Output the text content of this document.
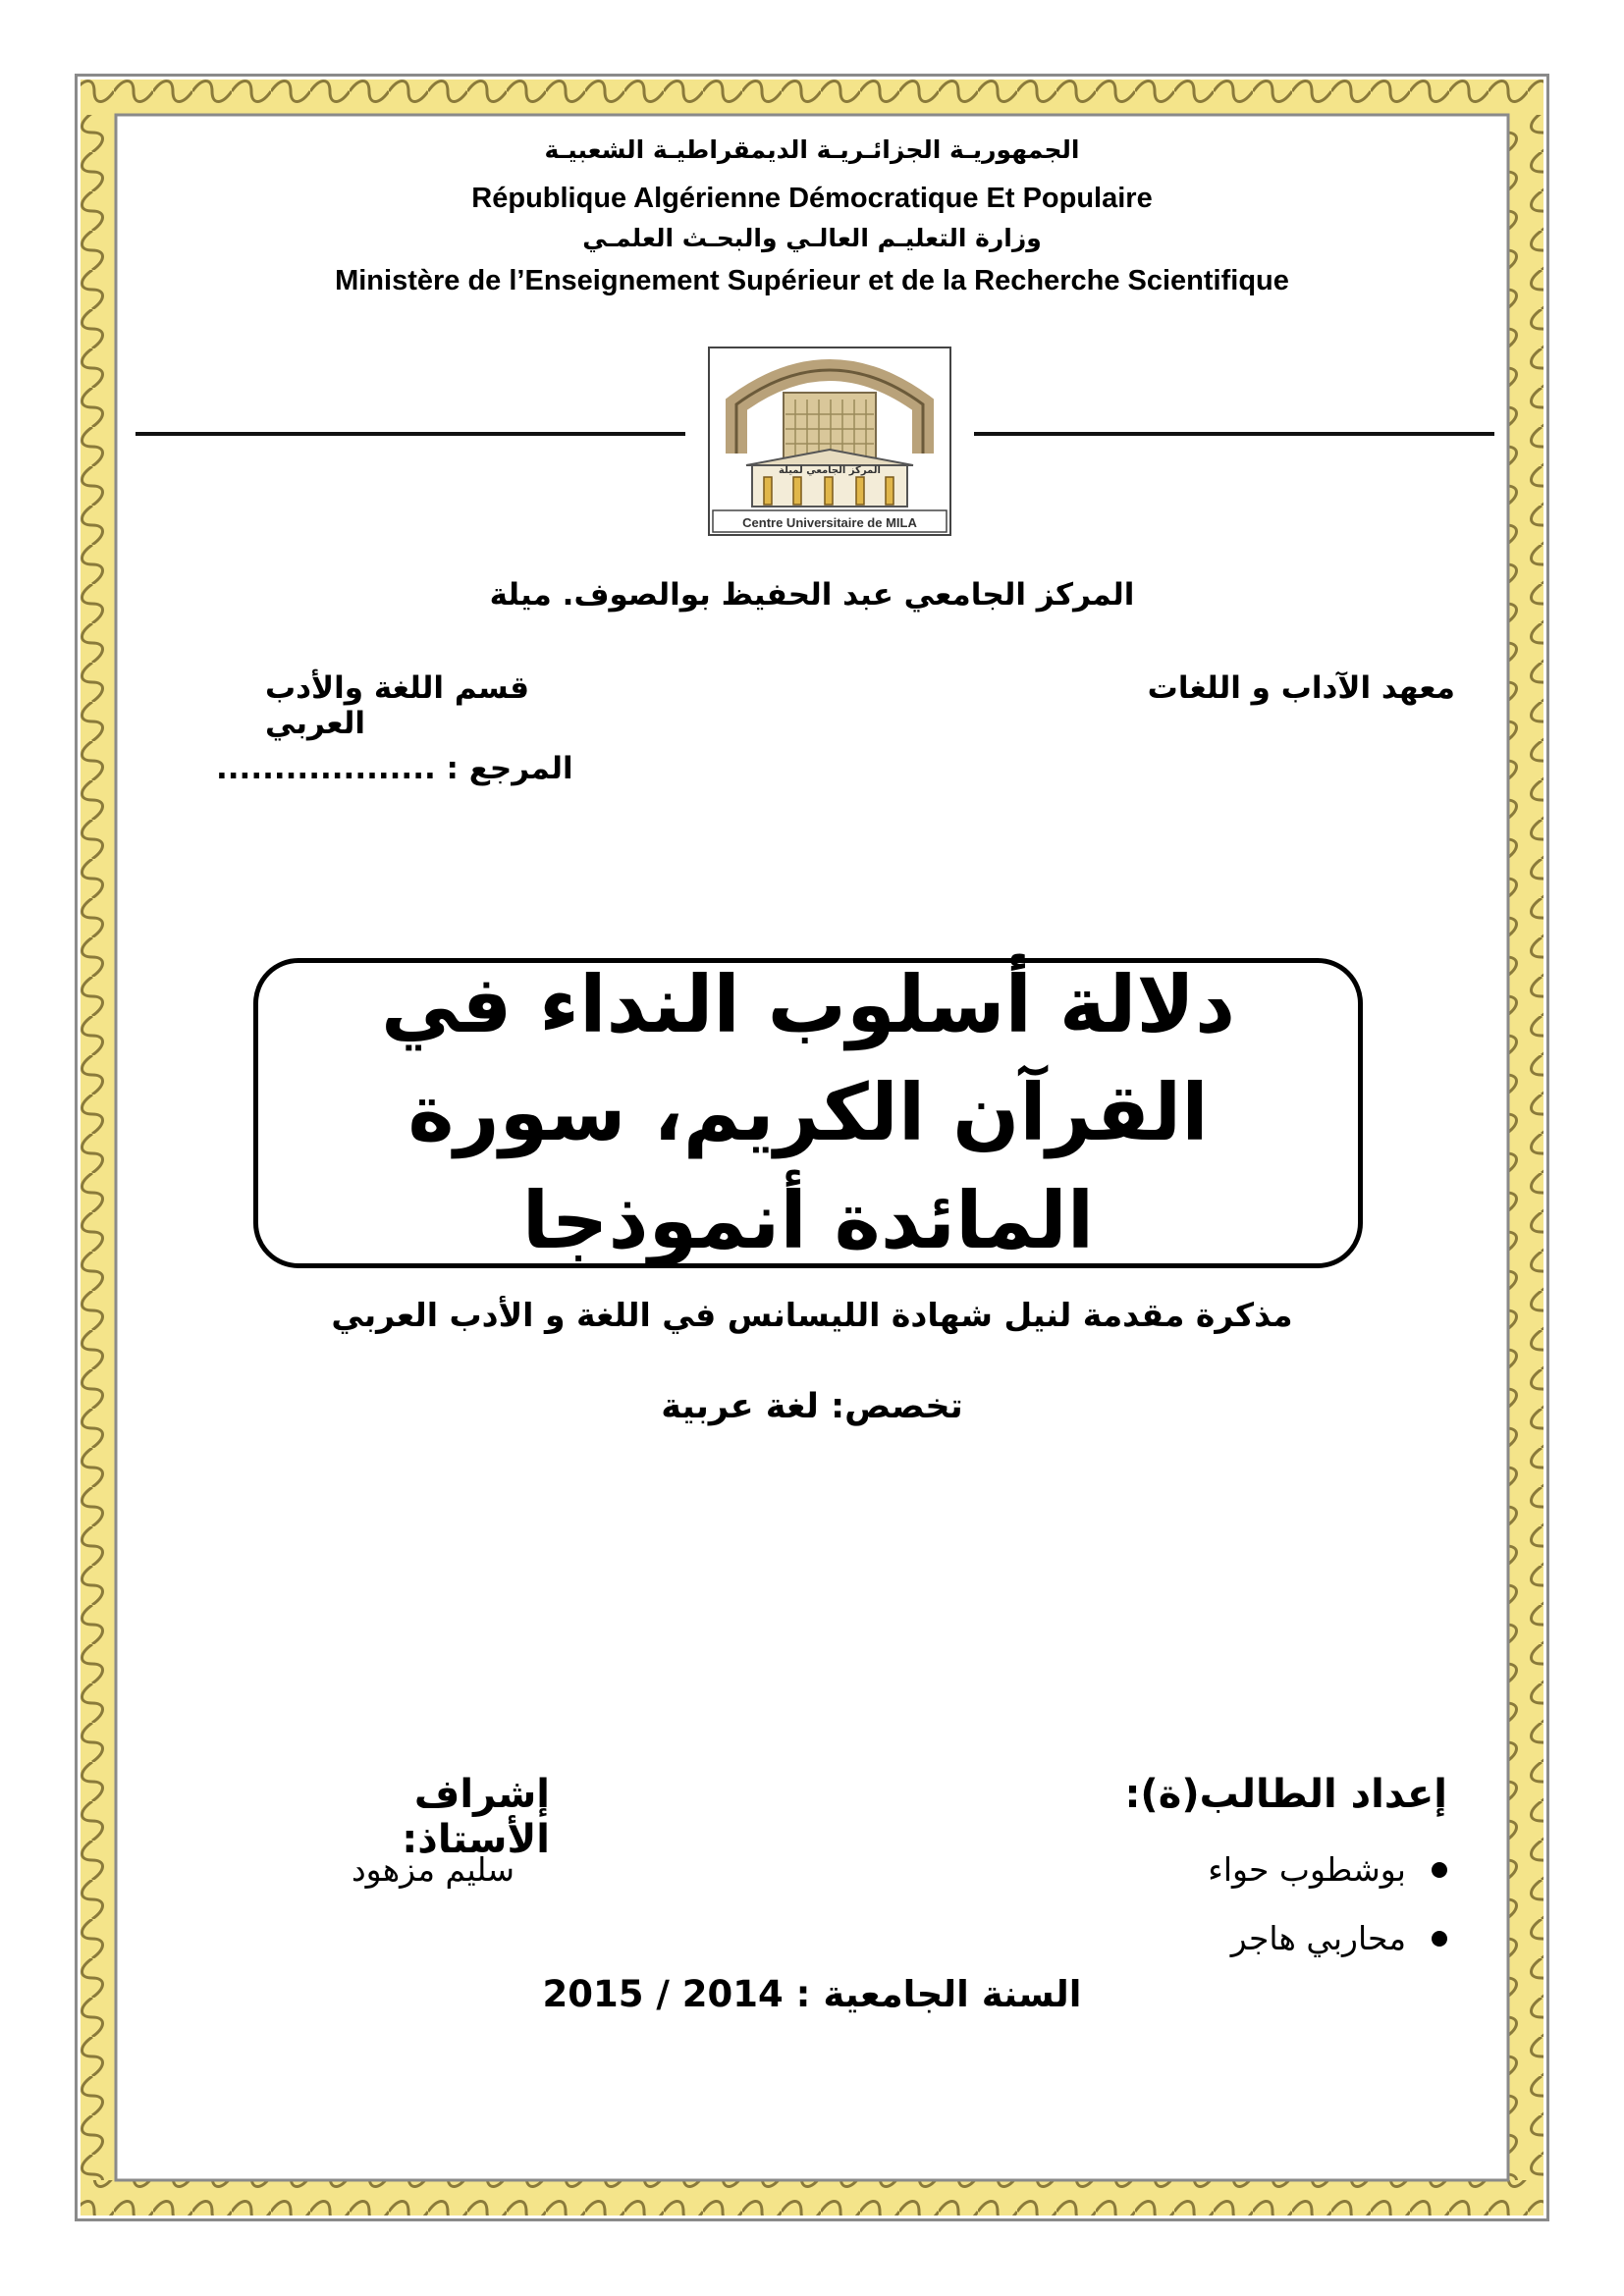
الجمهوريـة الجزائـريـة الديمقراطيـة الشعبيـة
République Algérienne Démocratique Et Populaire
وزارة التعليـم العالـي والبحـث العلمـي
Ministère de l’Enseignement Supérieur et de la Recherche Scientifique
المركز الجامعي لميلة
Centre Universitaire de MILA
المركز الجامعي عبد الحفيظ بوالصوف. ميلة
معهد الآداب و اللغات
قسم اللغة والأدب العربي
المرجع : ...................
دلالة أسلوب النداء في القرآن الكريم، سورة المائدة أنموذجا
مذكرة مقدمة لنيل شهادة الليسانس في اللغة و الأدب العربي
تخصص: لغة عربية
إعداد الطالب(ة):
إشراف الأستاذ:
بوشطوب حواء
محاربي هاجر
سليم مزهود
السنة الجامعية : 2014 / 2015
